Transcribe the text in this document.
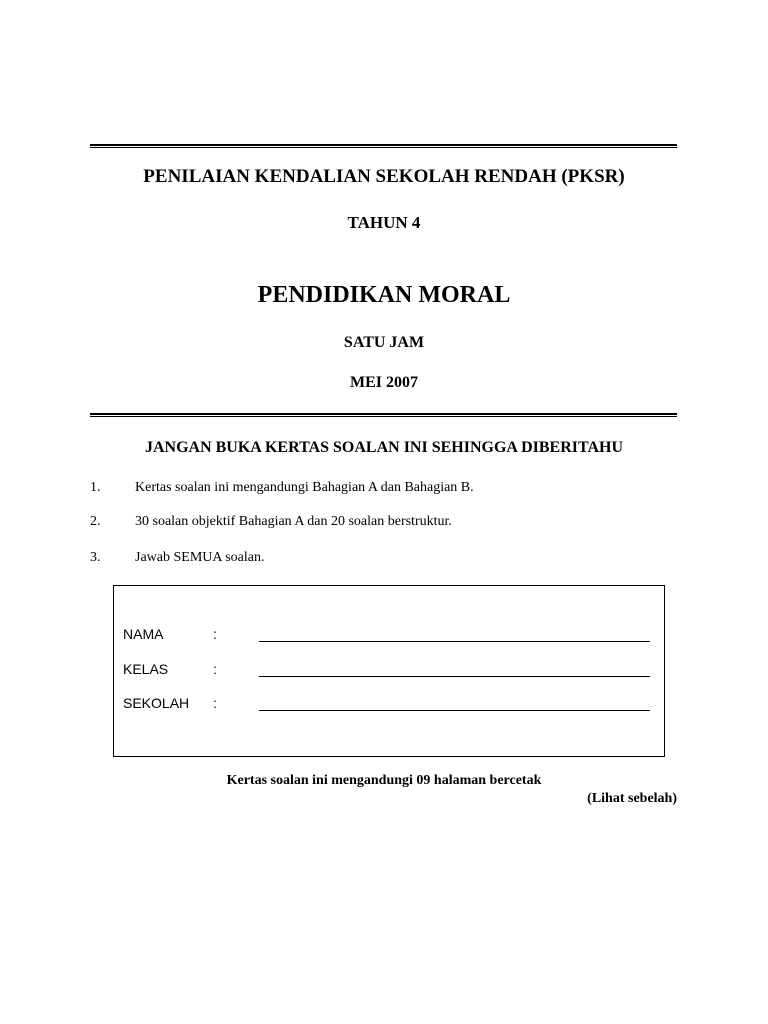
PENILAIAN KENDALIAN SEKOLAH RENDAH (PKSR)
TAHUN 4
PENDIDIKAN MORAL
SATU JAM
MEI 2007
JANGAN BUKA KERTAS SOALAN INI SEHINGGA DIBERITAHU
1. Kertas soalan ini mengandungi Bahagian A dan Bahagian B.
2. 30 soalan objektif Bahagian A dan 20 soalan berstruktur.
3. Jawab SEMUA soalan.
NAMA	:
KELAS	:
SEKOLAH :
Kertas soalan ini mengandungi 09 halaman bercetak
(Lihat sebelah)
